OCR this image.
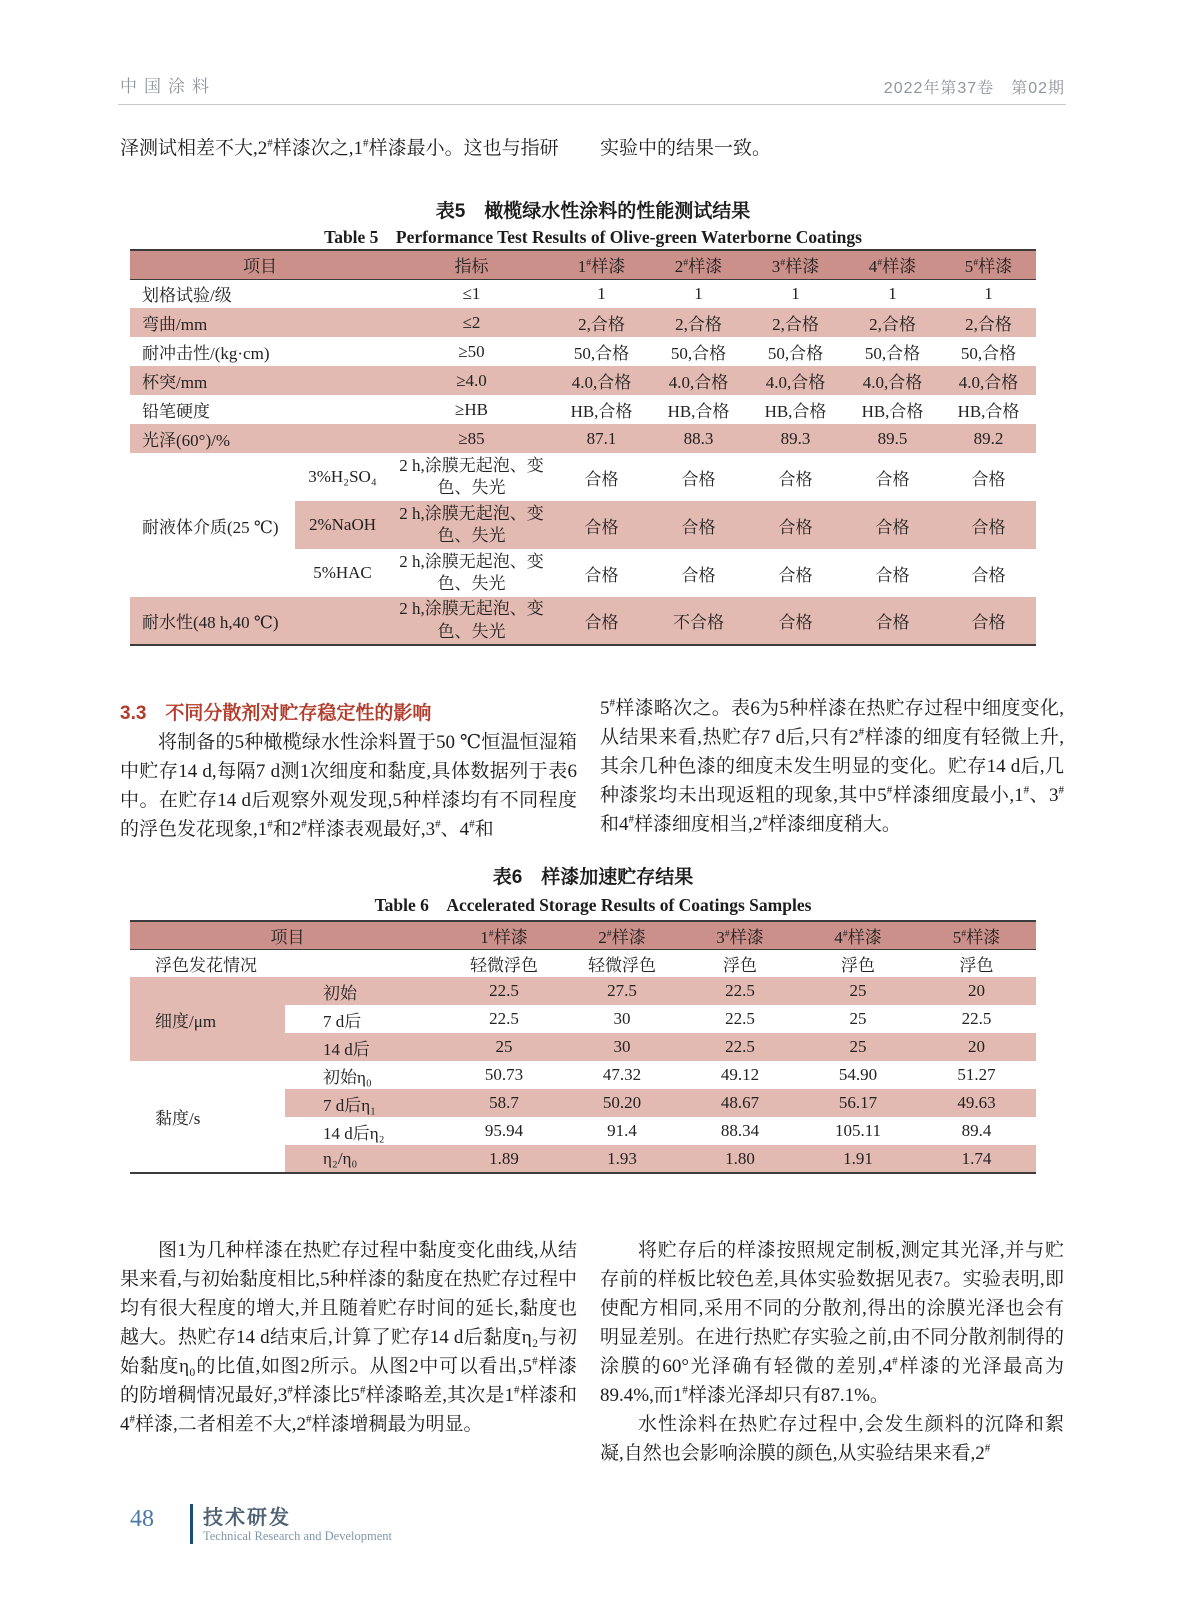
中国涂料	2022年第37卷　第02期
泽测试相差不大,2#样漆次之,1#样漆最小。这也与指研	实验中的结果一致。
表5　橄榄绿水性涂料的性能测试结果
Table 5　Performance Test Results of Olive-green Waterborne Coatings
项目		指标	1#样漆	2#样漆	3#样漆	4#样漆	5#样漆
划格试验/级		≤1	1	1	1	1	1
弯曲/mm		≤2	2,合格	2,合格	2,合格	2,合格	2,合格
耐冲击性/(kg·cm)		≥50	50,合格	50,合格	50,合格	50,合格	50,合格
杯突/mm		≥4.0	4.0,合格	4.0,合格	4.0,合格	4.0,合格	4.0,合格
铅笔硬度		≥HB	HB,合格	HB,合格	HB,合格	HB,合格	HB,合格
光泽(60°)/%		≥85	87.1	88.3	89.3	89.5	89.2
耐液体介质(25 ℃)	3%H₂SO₄	2 h,涂膜无起泡、变色、失光	合格	合格	合格	合格	合格
	2%NaOH	2 h,涂膜无起泡、变色、失光	合格	合格	合格	合格	合格
	5%HAC	2 h,涂膜无起泡、变色、失光	合格	合格	合格	合格	合格
耐水性(48 h,40 ℃)		2 h,涂膜无起泡、变色、失光	合格	不合格	合格	合格	合格
3.3　不同分散剂对贮存稳定性的影响

将制备的5种橄榄绿水性涂料置于50 ℃恒温恒湿箱中贮存14 d,每隔7 d测1次细度和黏度,具体数据列于表6中。在贮存14 d后观察外观发现,5种样漆均有不同程度的浮色发花现象,1#和2#样漆表观最好,3#、4#和

5#样漆略次之。表6为5种样漆在热贮存过程中细度变化,从结果来看,热贮存7 d后,只有2#样漆的细度有轻微上升,其余几种色漆的细度未发生明显的变化。贮存14 d后,几种漆浆均未出现返粗的现象,其中5#样漆细度最小,1#、3#和4#样漆细度相当,2#样漆细度稍大。
表6　样漆加速贮存结果
Table 6　Accelerated Storage Results of Coatings Samples
项目		1#样漆	2#样漆	3#样漆	4#样漆	5#样漆
浮色发花情况		轻微浮色	轻微浮色	浮色	浮色	浮色
细度/μm	初始	22.5	27.5	22.5	25	20
	7 d后	22.5	30	22.5	25	22.5
	14 d后	25	30	22.5	25	20
黏度/s	初始η₀	50.73	47.32	49.12	54.90	51.27
	7 d后η₁	58.7	50.20	48.67	56.17	49.63
	14 d后η₂	95.94	91.4	88.34	105.11	89.4
	η₂/η₀	1.89	1.93	1.80	1.91	1.74

图1为几种样漆在热贮存过程中黏度变化曲线,从结果来看,与初始黏度相比,5种样漆的黏度在热贮存过程中均有很大程度的增大,并且随着贮存时间的延长,黏度也越大。热贮存14 d结束后,计算了贮存14 d后黏度η₂与初始黏度η₀的比值,如图2所示。从图2中可以看出,5#样漆的防增稠情况最好,3#样漆比5#样漆略差,其次是1#样漆和4#样漆,二者相差不大,2#样漆增稠最为明显。

将贮存后的样漆按照规定制板,测定其光泽,并与贮存前的样板比较色差,具体实验数据见表7。实验表明,即使配方相同,采用不同的分散剂,得出的涂膜光泽也会有明显差别。在进行热贮存实验之前,由不同分散剂制得的涂膜的60°光泽确有轻微的差别,4#样漆的光泽最高为89.4%,而1#样漆光泽却只有87.1%。

水性涂料在热贮存过程中,会发生颜料的沉降和絮凝,自然也会影响涂膜的颜色,从实验结果来看,2#

48 技术研发
Technical Research and Development
